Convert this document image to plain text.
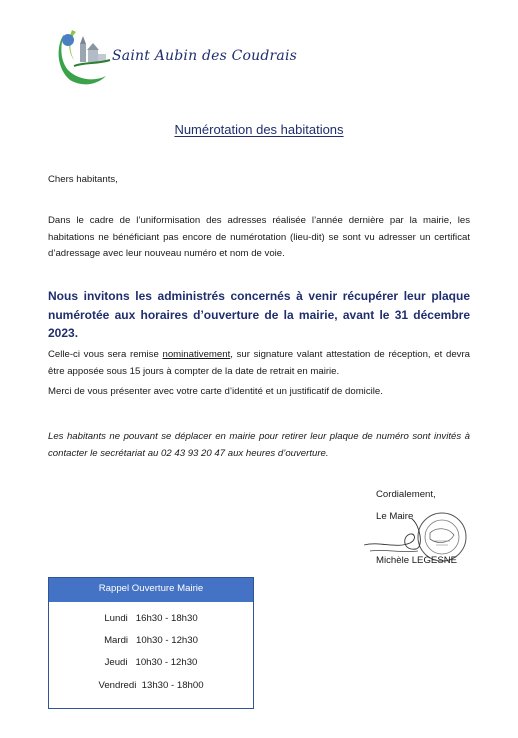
Saint Aubin des Coudrais
Numérotation des habitations

Chers habitants,

Dans le cadre de l’uniformisation des adresses réalisée l’année dernière par la mairie, les habitations ne bénéficiant pas encore de numérotation (lieu-dit) se sont vu adresser un certificat d’adressage avec leur nouveau numéro et nom de voie.

Nous invitons les administrés concernés à venir récupérer leur plaque numérotée aux horaires d’ouverture de la mairie, avant le 31 décembre 2023.

Celle-ci vous sera remise nominativement, sur signature valant attestation de réception, et devra être apposée sous 15 jours à compter de la date de retrait en mairie.

Merci de vous présenter avec votre carte d’identité et un justificatif de domicile.

Les habitants ne pouvant se déplacer en mairie pour retirer leur plaque de numéro sont invités à contacter le secrétariat au 02 43 93 20 47 aux heures d’ouverture.

Cordialement,
Le Maire
Michèle LEGESNE
Rappel Ouverture Mairie
Lundi   16h30 - 18h30
Mardi   10h30 - 12h30
Jeudi   10h30 - 12h30
Vendredi  13h30 - 18h00
